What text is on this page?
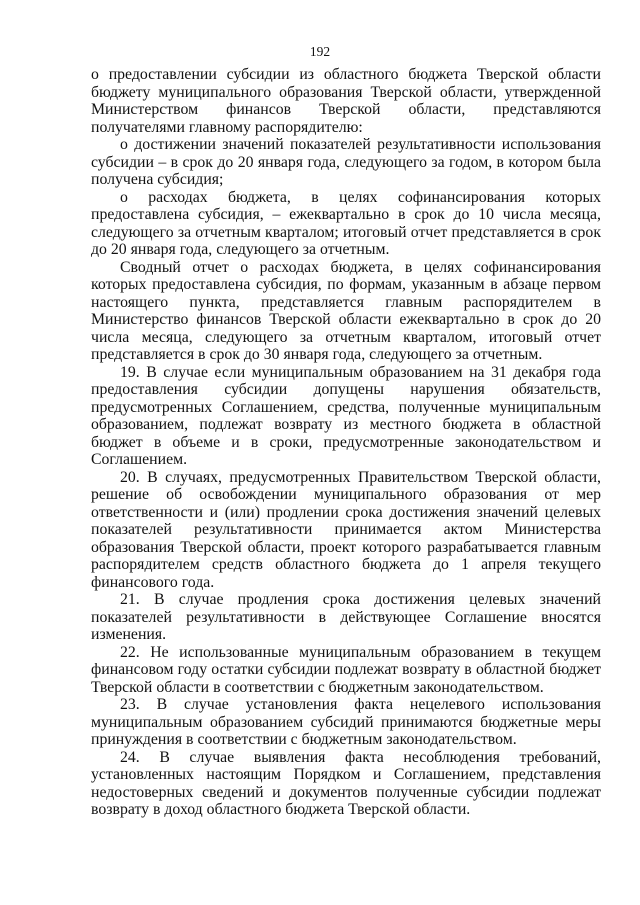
192

о предоставлении субсидии из областного бюджета Тверской области бюджету муниципального образования Тверской области, утвержденной Министерством финансов Тверской области, представляются получателями главному распорядителю:

о достижении значений показателей результативности использования субсидии – в срок до 20 января года, следующего за годом, в котором была получена субсидия;

о расходах бюджета, в целях софинансирования которых предоставлена субсидия, – ежеквартально в срок до 10 числа месяца, следующего за отчетным кварталом; итоговый отчет представляется в срок до 20 января года, следующего за отчетным.

Сводный отчет о расходах бюджета, в целях софинансирования которых предоставлена субсидия, по формам, указанным в абзаце первом настоящего пункта, представляется главным распорядителем в Министерство финансов Тверской области ежеквартально в срок до 20 числа месяца, следующего за отчетным кварталом, итоговый отчет представляется в срок до 30 января года, следующего за отчетным.

19. В случае если муниципальным образованием на 31 декабря года предоставления субсидии допущены нарушения обязательств, предусмотренных Соглашением, средства, полученные муниципальным образованием, подлежат возврату из местного бюджета в областной бюджет в объеме и в сроки, предусмотренные законодательством и Соглашением.

20. В случаях, предусмотренных Правительством Тверской области, решение об освобождении муниципального образования от мер ответственности и (или) продлении срока достижения значений целевых показателей результативности принимается актом Министерства образования Тверской области, проект которого разрабатывается главным распорядителем средств областного бюджета до 1 апреля текущего финансового года.

21. В случае продления срока достижения целевых значений показателей результативности в действующее Соглашение вносятся изменения.

22. Не использованные муниципальным образованием в текущем финансовом году остатки субсидии подлежат возврату в областной бюджет Тверской области в соответствии с бюджетным законодательством.

23. В случае установления факта нецелевого использования муниципальным образованием субсидий принимаются бюджетные меры принуждения в соответствии с бюджетным законодательством.

24. В случае выявления факта несоблюдения требований, установленных настоящим Порядком и Соглашением, представления недостоверных сведений и документов полученные субсидии подлежат возврату в доход областного бюджета Тверской области.
